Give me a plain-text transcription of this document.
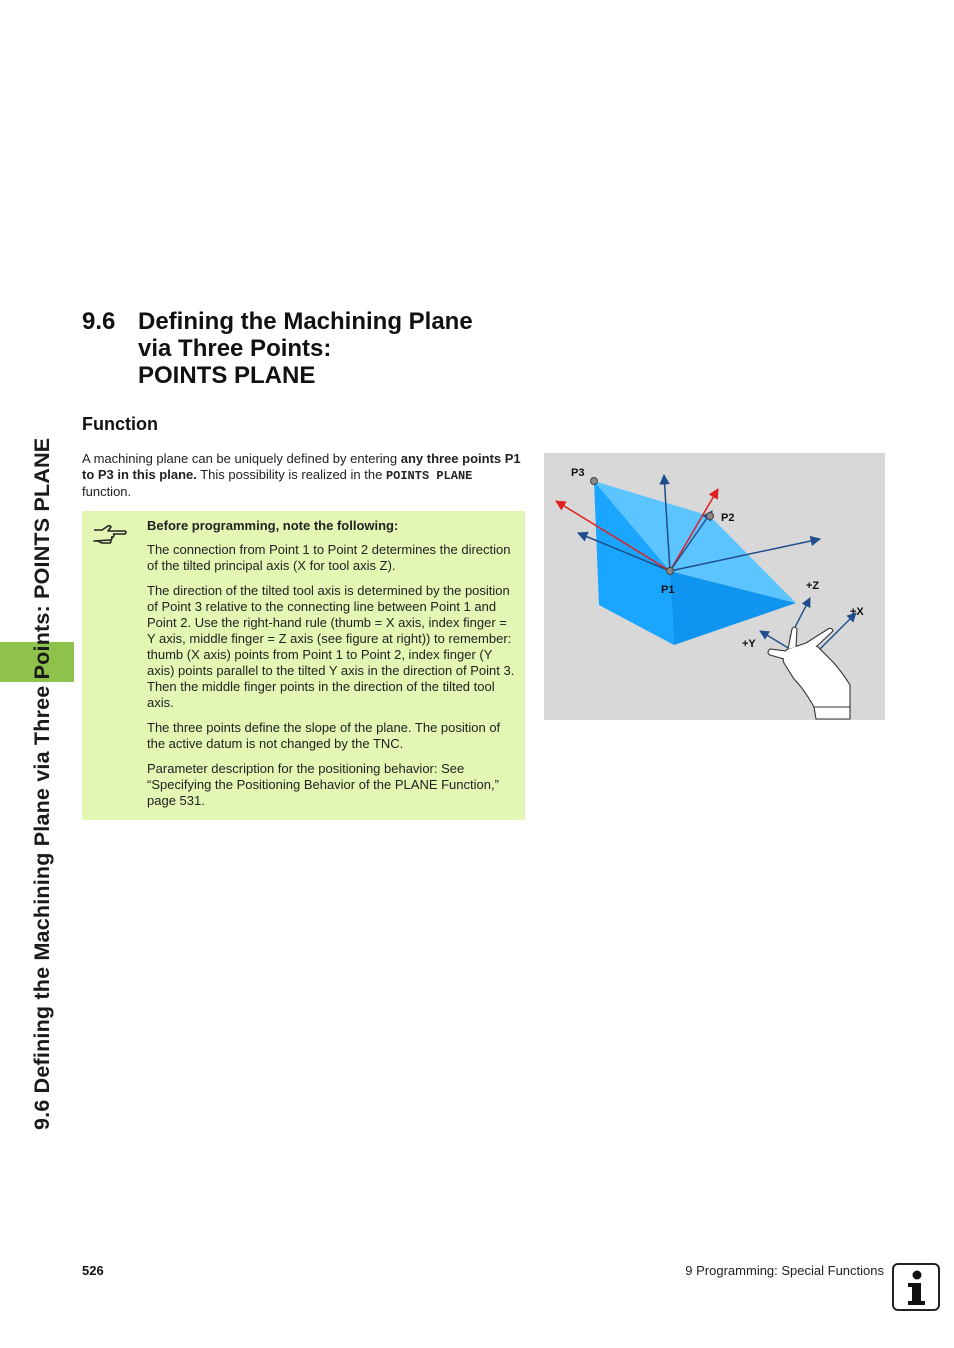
9.6 Defining the Machining Plane via Three Points: POINTS PLANE
9.6 Defining the Machining Plane
via Three Points:
POINTS PLANE
Function
A machining plane can be uniquely defined by entering any three points P1 to P3 in this plane. This possibility is realized in the POINTS PLANE function.

Before programming, note the following:

The connection from Point 1 to Point 2 determines the direction of the tilted principal axis (X for tool axis Z).

The direction of the tilted tool axis is determined by the position of Point 3 relative to the connecting line between Point 1 and Point 2. Use the right-hand rule (thumb = X axis, index finger = Y axis, middle finger = Z axis (see figure at right)) to remember: thumb (X axis) points from Point 1 to Point 2, index finger (Y axis) points parallel to the tilted Y axis in the direction of Point 3. Then the middle finger points in the direction of the tilted tool axis.

The three points define the slope of the plane. The position of the active datum is not changed by the TNC.

Parameter description for the positioning behavior: See “Specifying the Positioning Behavior of the PLANE Function,” page 531.

P3
P2
P1	+Z
+X
+Y
526	9 Programming: Special Functions
